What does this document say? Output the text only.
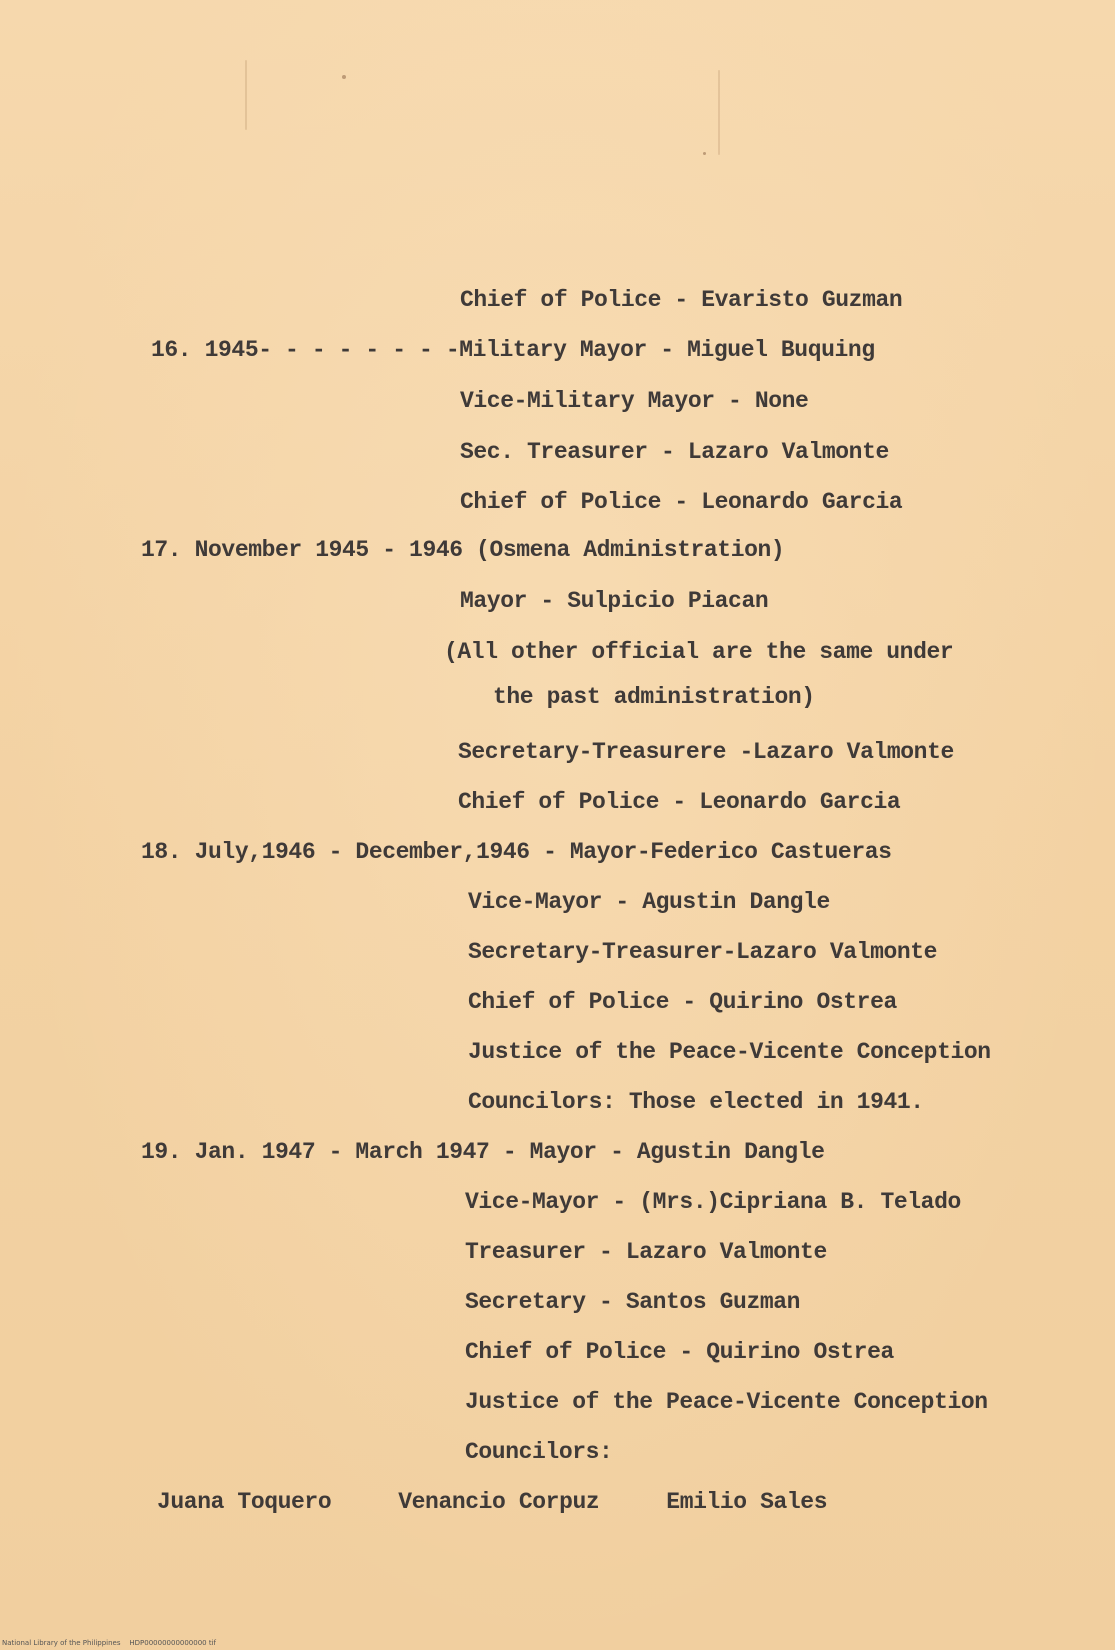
Chief of Police - Evaristo Guzman
16. 1945- - - - - - - -Military Mayor - Miguel Buquing
Vice-Military Mayor - None
Sec. Treasurer - Lazaro Valmonte
Chief of Police - Leonardo Garcia
17. November 1945 - 1946 (Osmena Administration)
Mayor - Sulpicio Piacan
(All other official are the same under
the past administration)
Secretary-Treasurere -Lazaro Valmonte
Chief of Police - Leonardo Garcia
18. July,1946 - December,1946 - Mayor-Federico Castueras
Vice-Mayor - Agustin Dangle
Secretary-Treasurer-Lazaro Valmonte
Chief of Police - Quirino Ostrea
Justice of the Peace-Vicente Conception
Councilors: Those elected in 1941.
19. Jan. 1947 - March 1947 - Mayor - Agustin Dangle
Vice-Mayor - (Mrs.)Cipriana B. Telado
Treasurer - Lazaro Valmonte
Secretary - Santos Guzman
Chief of Police - Quirino Ostrea
Justice of the Peace-Vicente Conception
Councilors:
Juana Toquero     Venancio Corpuz     Emilio Sales
National Library of the Philippines    HDP00000000000000 tif
